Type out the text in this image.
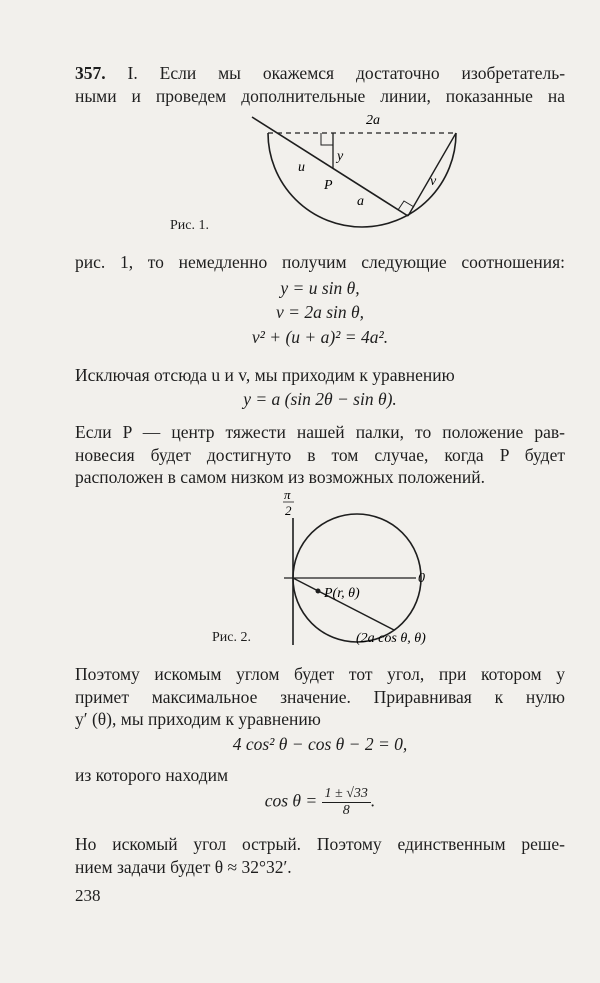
357. I. Если мы окажемся достаточно изобретатель-
ными и проведем дополнительные линии, показанные на
2a
y
u
P
a
v
Рис. 1.
рис. 1, то немедленно получим следующие соотношения:
y = u sin θ,
v = 2a sin θ,
v² + (u + a)² = 4a².
Исключая отсюда u и v, мы приходим к уравнению
y = a (sin 2θ − sin θ).
Если P — центр тяжести нашей палки, то положение рав-
новесия будет достигнуто в том случае, когда P будет
расположен в самом низком из возможных положений.
π
2
0
P(r, θ)
(2a cos θ, θ)
Рис. 2.
Поэтому искомым углом будет тот угол, при котором y
примет максимальное значение. Приравнивая к нулю
y′ (θ), мы приходим к уравнению
4 cos² θ − cos θ − 2 = 0,
из которого находим
$\cos \theta = \frac{1 \pm √33}{8}$ .
Но искомый угол острый. Поэтому единственным реше-
нием задачи будет θ ≈ 32°32′.
238
